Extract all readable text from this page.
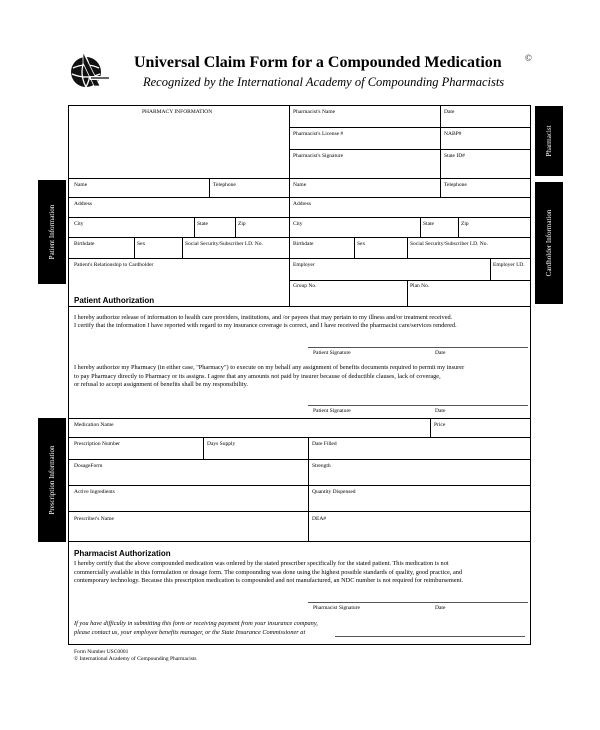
Universal Claim Form for a Compounded Medication	©
Recognized by the International Academy of Compounding Pharmacists
Pharmacist
Cardholder Information
Patient Information
Prescription Information
PHARMACY INFORMATION	Pharmacist's Name	Date
Pharmacist's License #	NABP#
Pharmacist's Signature	State ID#
Name	Telephone
Address
City	State	Zip
Birthdate	Sex	Social Security/Subscriber I.D. No.
Patient's Relationship to Cardholder
Name	Telephone
Address
City	State	Zip
Birthdate	Sex	Social Security/Subscriber I.D. No.
Employer	Employer I.D.
Group No.	Plan No.
Patient Authorization
I hereby authorize release of information to health care providers, institutions, and /or payees that may pertain to my illness and/or treatment received.
I certify that the information I have reported with regard to my insurance coverage is correct, and I have received the pharmacist care/services rendered.
Patient Signature	Date
I hereby authorize my Pharmacy (in either case, "Pharmacy") to execute on my behalf any assignment of benefits documents required to permit my insurer
to pay Pharmacy directly to Pharmacy or its assigns. I agree that any amounts not paid by insurer because of deductible clauses, lack of coverage,
or refusal to accept assignment of benefits shall be my responsibility.
Patient Signature	Date
Medication Name	Price
Prescription Number	Days Supply	Date Filled
DosageForm	Strength
Active Ingredients	Quantity Dispensed
Prescriber's Name	DEA#
Pharmacist Authorization
I hereby certify that the above compounded medication was ordered by the stated prescriber specifically for the stated patient. This medication is not
commercially available in this formulation or dosage form. The compounding was done using the highest possible standards of quality, good practice, and
contemporary technology. Because this prescription medication is compounded and not manufactured, an NDC number is not required for reimbursement.
Pharmacist Signature	Date
If you have difficulty in submitting this form or receiving payment from your insurance company,
please contact us, your employee benefits manager, or the State Insurance Commissioner at
Form Number USC0001
© International Academy of Compounding Pharmacists
